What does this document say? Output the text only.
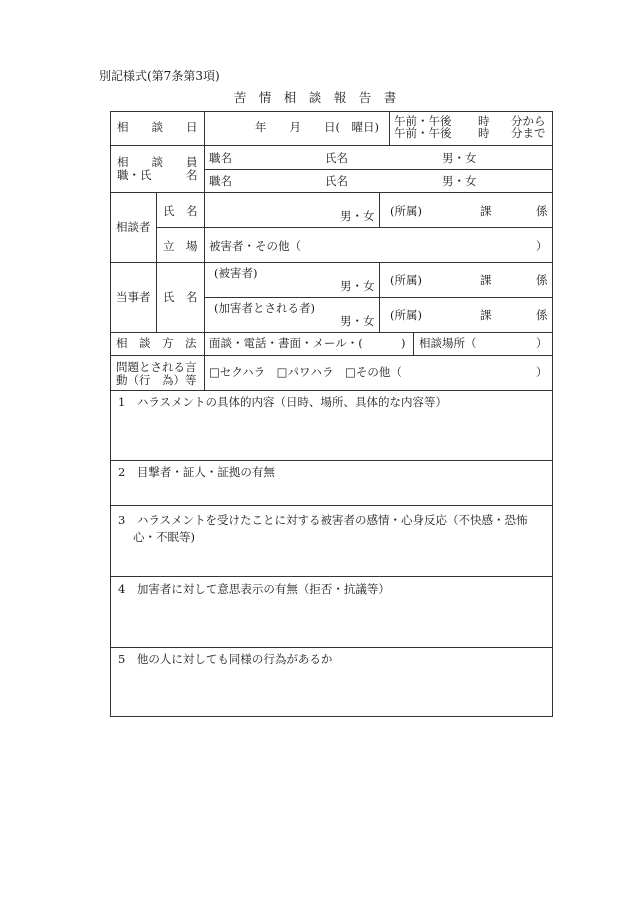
別記様式(第7条第3項)
苦　情　相　談　報　告　書
相　　談　　日	年　　月　　日(　曜日) 午前・午後 時 分から
午前・午後 時 分まで
相　　談　　員
職・氏　　　名
職名	氏名	男・女
職名	氏名	男・女
相談者
氏　名	男・女 (所属)	課	係
立　場 被害者・その他（	）
当事者 氏　名
(被害者)
男・女 (所属)	課	係
(加害者とされる者)
男・女 (所属)	課	係
相　談　方　法 面談・電話・書面・メール・(	) 相談場所（	）
問題とされる言
動（行　為）等
□セクハラ　□パワハラ　□その他（	）
1　ハラスメントの具体的内容（日時、場所、具体的な内容等）
2　目撃者・証人・証拠の有無
3　ハラスメントを受けたことに対する被害者の感情・心身反応（不快感・恐怖
心・不眠等)
4　加害者に対して意思表示の有無（拒否・抗議等）
5　他の人に対しても同様の行為があるか
